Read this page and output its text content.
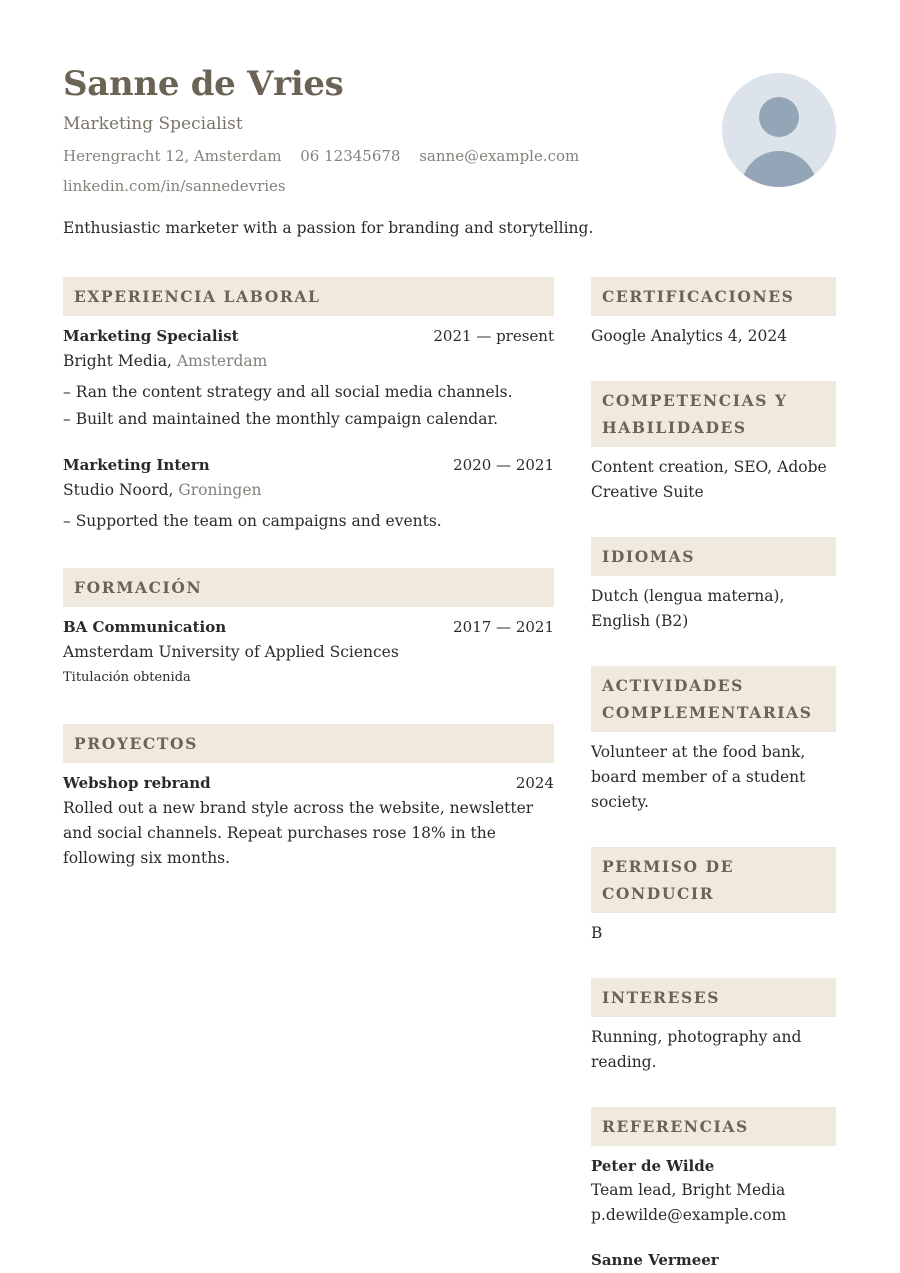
Sanne de Vries
Marketing Specialist
Herengracht 12, Amsterdam 06 12345678 sanne@example.com
linkedin.com/in/sannedevries
Enthusiastic marketer with a passion for branding and storytelling.
EXPERIENCIA LABORAL
Marketing Specialist	2021 — present
Bright Media, Amsterdam
– Ran the content strategy and all social media channels.
– Built and maintained the monthly campaign calendar.
Marketing Intern	2020 — 2021
Studio Noord, Groningen
– Supported the team on campaigns and events.
FORMACIÓN
BA Communication	2017 — 2021
Amsterdam University of Applied Sciences
Titulación obtenida
PROYECTOS
Webshop rebrand	2024
Rolled out a new brand style across the website, newsletter and social channels. Repeat purchases rose 18% in the following six months.
CERTIFICACIONES
Google Analytics 4, 2024
COMPETENCIAS Y HABILIDADES
Content creation, SEO, Adobe Creative Suite
IDIOMAS
Dutch (lengua materna), English (B2)
ACTIVIDADES COMPLEMENTARIAS
Volunteer at the food bank, board member of a student society.
PERMISO DE CONDUCIR
B
INTERESES
Running, photography and reading.
REFERENCIAS
Peter de Wilde
Team lead, Bright Media
p.dewilde@example.com
Sanne Vermeer
